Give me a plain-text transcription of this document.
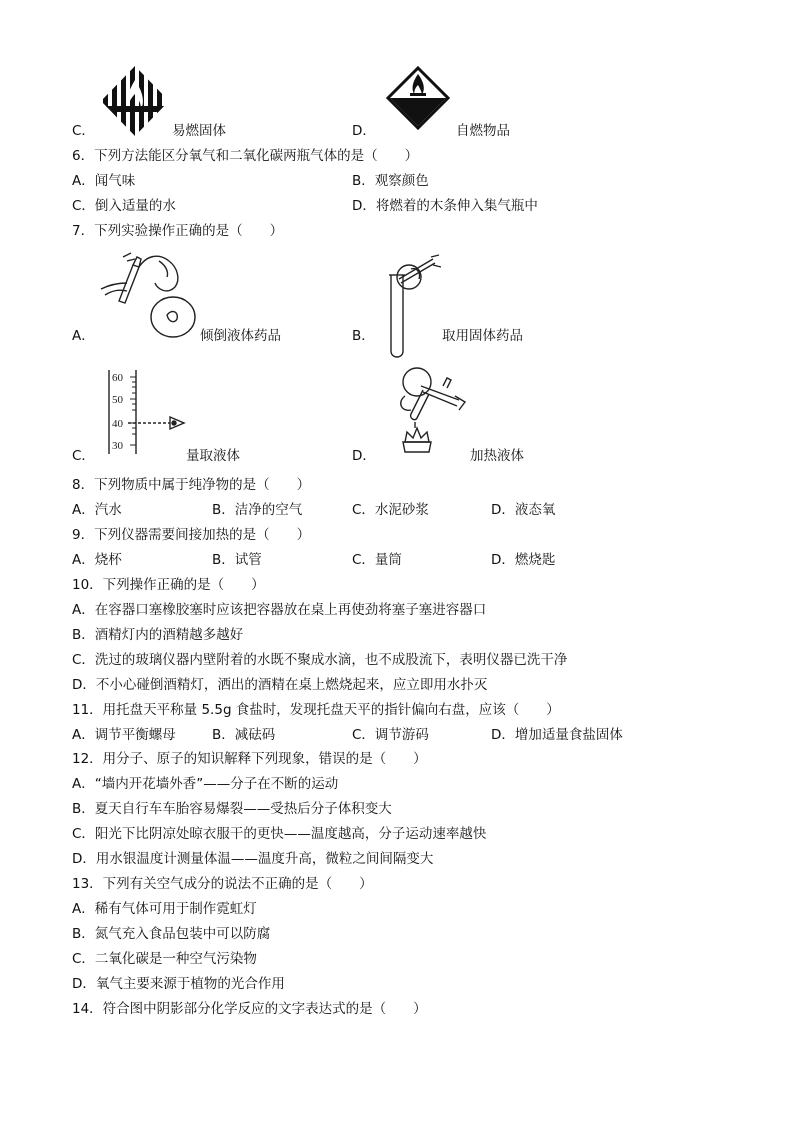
C．	易燃固体	D．	自燃物品
6．下列方法能区分氧气和二氧化碳两瓶气体的是（　　）
A．闻气味	B．观察颜色
C．倒入适量的水	D．将燃着的木条伸入集气瓶中
7．下列实验操作正确的是（　　）
A．	倾倒液体药品	B．	取用固体药品
60
50
40
30
C．	量取液体	D．	加热液体
8．下列物质中属于纯净物的是（　　）
A．汽水	B．洁净的空气	C．水泥砂浆	D．液态氧
9．下列仪器需要间接加热的是（　　）
A．烧杯	B．试管	C．量筒	D．燃烧匙
10．下列操作正确的是（　　）
A．在容器口塞橡胶塞时应该把容器放在桌上再使劲将塞子塞进容器口
B．酒精灯内的酒精越多越好
C．洗过的玻璃仪器内壁附着的水既不聚成水滴，也不成股流下，表明仪器已洗干净
D．不小心碰倒酒精灯，洒出的酒精在桌上燃烧起来，应立即用水扑灭
11．用托盘天平称量 5.5g 食盐时，发现托盘天平的指针偏向右盘，应该（　　）
A．调节平衡螺母	B．减砝码	C．调节游码	D．增加适量食盐固体
12．用分子、原子的知识解释下列现象，错误的是（　　）
A．“墙内开花墙外香”——分子在不断的运动
B．夏天自行车车胎容易爆裂——受热后分子体积变大
C．阳光下比阴凉处晾衣服干的更快——温度越高，分子运动速率越快
D．用水银温度计测量体温——温度升高，微粒之间间隔变大
13．下列有关空气成分的说法不正确的是（　　）
A．稀有气体可用于制作霓虹灯
B．氮气充入食品包装中可以防腐
C．二氧化碳是一种空气污染物
D．氧气主要来源于植物的光合作用
14．符合图中阴影部分化学反应的文字表达式的是（　　）
